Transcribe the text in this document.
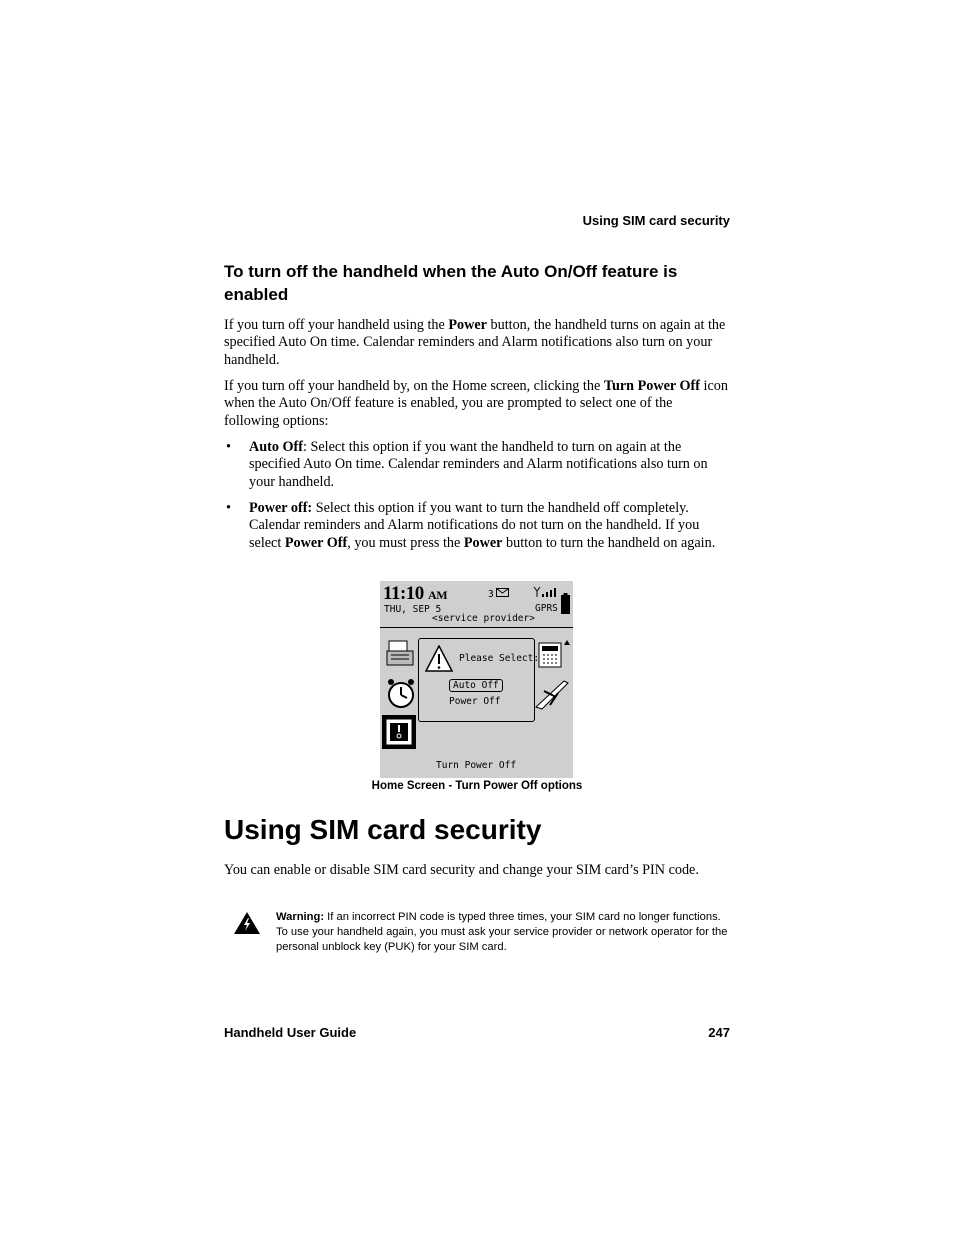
Using SIM card security
To turn off the handheld when the Auto On/Off feature is enabled

If you turn off your handheld using the Power button, the handheld turns on again at the specified Auto On time. Calendar reminders and Alarm notifications also turn on your handheld.

If you turn off your handheld by, on the Home screen, clicking the Turn Power Off icon when the Auto On/Off feature is enabled, you are prompted to select one of the following options:

• Auto Off: Select this option if you want the handheld to turn on again at the specified Auto On time. Calendar reminders and Alarm notifications also turn on your handheld.
• Power off: Select this option if you want to turn the handheld off completely. Calendar reminders and Alarm notifications do not turn on the handheld. If you select Power Off, you must press the Power button to turn the handheld on again.
11:10 AM
THU, SEP 5
<service provider>
3
GPRS
Please Select:
Auto Off
Power Off
Turn Power Off
Home Screen - Turn Power Off options
Using SIM card security

You can enable or disable SIM card security and change your SIM card’s PIN code.

Warning: If an incorrect PIN code is typed three times, your SIM card no longer functions. To use your handheld again, you must ask your service provider or network operator for the personal unblock key (PUK) for your SIM card.
Handheld User Guide	247
